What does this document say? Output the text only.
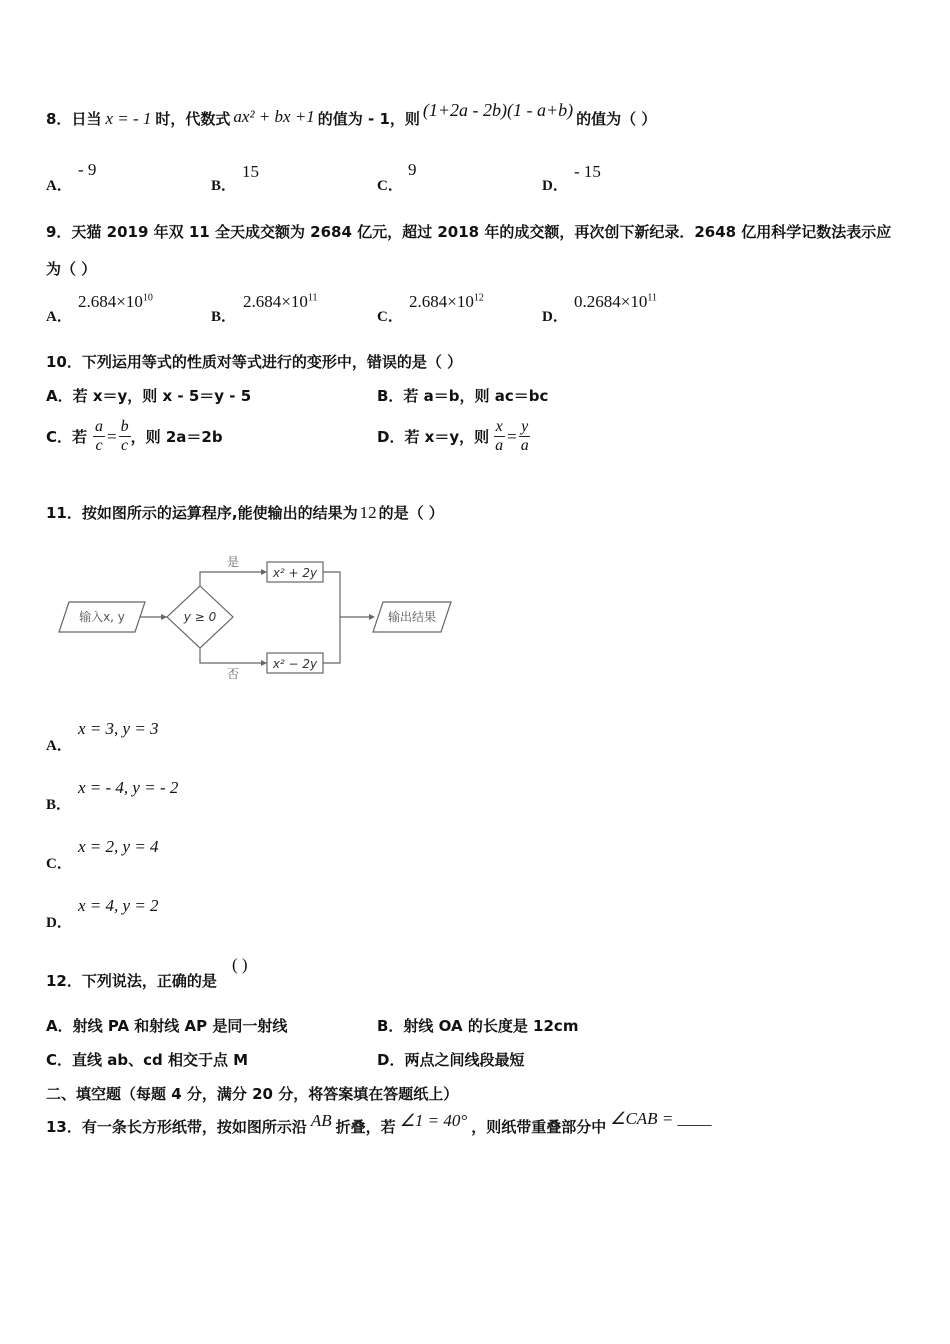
8． 日当 x = - 1 时，代数式 ax² + bx +1 的值为 - 1，则 (1+2a - 2b)(1 - a+b) 的值为（ ）
A．
- 9
B．
15
C．
9
D．
- 15
9．天猫 2019 年双 11 全天成交额为 2684 亿元，超过 2018 年的成交额，再次创下新纪录．2648 亿用科学记数法表示应
为（ ）
A．
$2.684\times 10^{10}$
B．
$2.684\times 10^{11}$
C．
$2.684\times 10^{12}$
D．
$0.2684\times 10^{11}$
10．下列运用等式的性质对等式进行的变形中，错误的是（ ）
A．若 x＝y，则 x - 5＝y - 5	B．若 a＝b，则 ac＝bc
C．若 $\frac{a}{c} = \frac{b}{c}$ ，则 2a＝2b	D．若 x＝y，则 $\frac{x}{a} = \frac{y}{a}$
11．按如图所示的运算程序,能使输出的结果为 12 的是（ ）
输入x, y	y ≥ 0
是
否
x² + 2y
x² − 2y
输出结果
A．
x = 3, y = 3
B．
x = - 4, y = - 2
C．
x = 2, y = 4
D．
x = 4, y = 2
12．下列说法，正确的是
( )
A．射线 PA 和射线 AP 是同一射线	B．射线 OA 的长度是 12cm
C．直线 ab、cd 相交于点 M	D．两点之间线段最短
二、填空题（每题 4 分，满分 20 分，将答案填在答题纸上）
13．有一条长方形纸带，按如图所示沿 AB 折叠，若 ∠1 = 40° ，则纸带重叠部分中 ∠CAB = ____
